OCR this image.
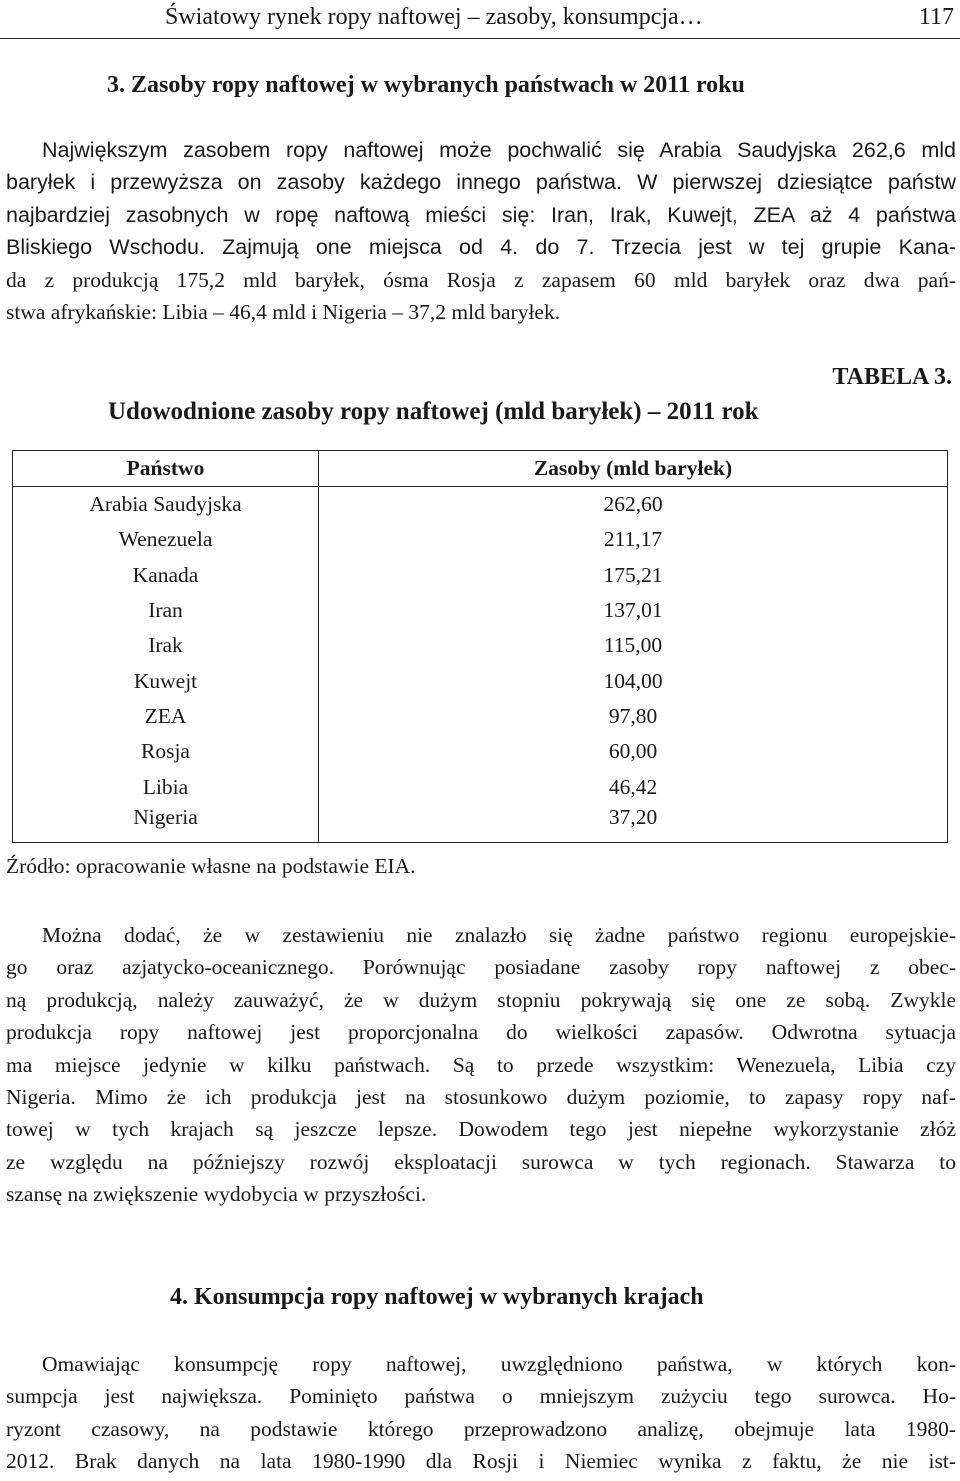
Światowy rynek ropy naftowej – zasoby, konsumpcja…	117
3. Zasoby ropy naftowej w wybranych państwach w 2011 roku
Największym zasobem ropy naftowej może pochwalić się Arabia Saudyjska 262,6 mld
baryłek i przewyższa on zasoby każdego innego państwa. W pierwszej dziesiątce państw
najbardziej zasobnych w ropę naftową mieści się: Iran, Irak, Kuwejt, ZEA aż 4 państwa
Bliskiego Wschodu. Zajmują one miejsca od 4. do 7. Trzecia jest w tej grupie Kana-
da z produkcją 175,2 mld baryłek, ósma Rosja z zapasem 60 mld baryłek oraz dwa pań-
stwa afrykańskie: Libia – 46,4 mld i Nigeria – 37,2 mld baryłek.
TABELA 3.
Udowodnione zasoby ropy naftowej (mld baryłek) – 2011 rok
Państwo	Zasoby (mld baryłek)
Arabia Saudyjska	262,60
Wenezuela	211,17
Kanada	175,21
Iran	137,01
Irak	115,00
Kuwejt	104,00
ZEA	97,80
Rosja	60,00
Libia	46,42
Nigeria	37,20
Źródło: opracowanie własne na podstawie EIA.
Można dodać, że w zestawieniu nie znalazło się żadne państwo regionu europejskie-
go oraz azjatycko-oceanicznego. Porównując posiadane zasoby ropy naftowej z obec-
ną produkcją, należy zauważyć, że w dużym stopniu pokrywają się one ze sobą. Zwykle
produkcja ropy naftowej jest proporcjonalna do wielkości zapasów. Odwrotna sytuacja
ma miejsce jedynie w kilku państwach. Są to przede wszystkim: Wenezuela, Libia czy
Nigeria. Mimo że ich produkcja jest na stosunkowo dużym poziomie, to zapasy ropy naf-
towej w tych krajach są jeszcze lepsze. Dowodem tego jest niepełne wykorzystanie złóż
ze względu na późniejszy rozwój eksploatacji surowca w tych regionach. Stawarza to
szansę na zwiększenie wydobycia w przyszłości.
4. Konsumpcja ropy naftowej w wybranych krajach
Omawiając konsumpcję ropy naftowej, uwzględniono państwa, w których kon-
sumpcja jest największa. Pominięto państwa o mniejszym zużyciu tego surowca. Ho-
ryzont czasowy, na podstawie którego przeprowadzono analizę, obejmuje lata 1980-
2012. Brak danych na lata 1980-1990 dla Rosji i Niemiec wynika z faktu, że nie ist-
